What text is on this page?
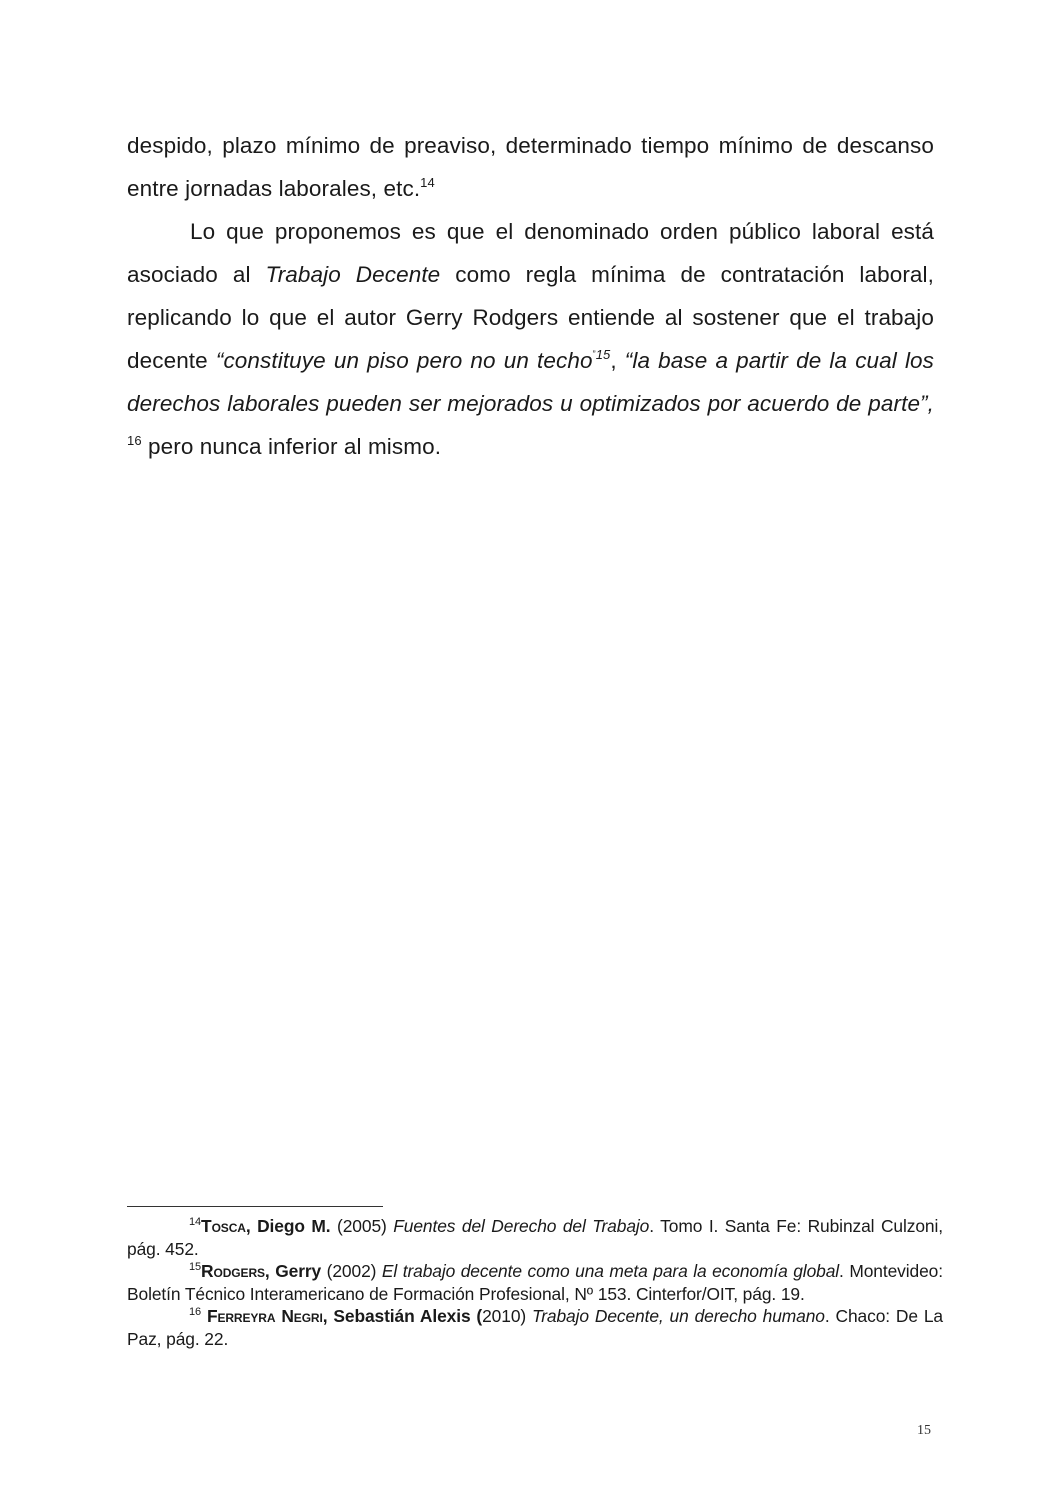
despido, plazo mínimo de preaviso, determinado tiempo mínimo de descanso entre jornadas laborales, etc.$^{14}$

Lo que proponemos es que el denominado orden público laboral está asociado al Trabajo Decente como regla mínima de contratación laboral, replicando lo que el autor Gerry Rodgers entiende al sostener que el trabajo decente “constituye un piso pero no un techo$^{”15}$, “la base a partir de la cual los derechos laborales pueden ser mejorados u optimizados por acuerdo de parte”, $^{16}$ pero nunca inferior al mismo.

$^{14}$Tosca, Diego M. (2005) Fuentes del Derecho del Trabajo. Tomo I. Santa Fe: Rubinzal Culzoni, pág. 452.

$^{15}$Rodgers, Gerry (2002) El trabajo decente como una meta para la economía global. Montevideo: Boletín Técnico Interamericano de Formación Profesional, Nº 153. Cinterfor/OIT, pág. 19.

$^{16}$ Ferreyra Negri, Sebastián Alexis (2010) Trabajo Decente, un derecho humano. Chaco: De La Paz, pág. 22.

15
